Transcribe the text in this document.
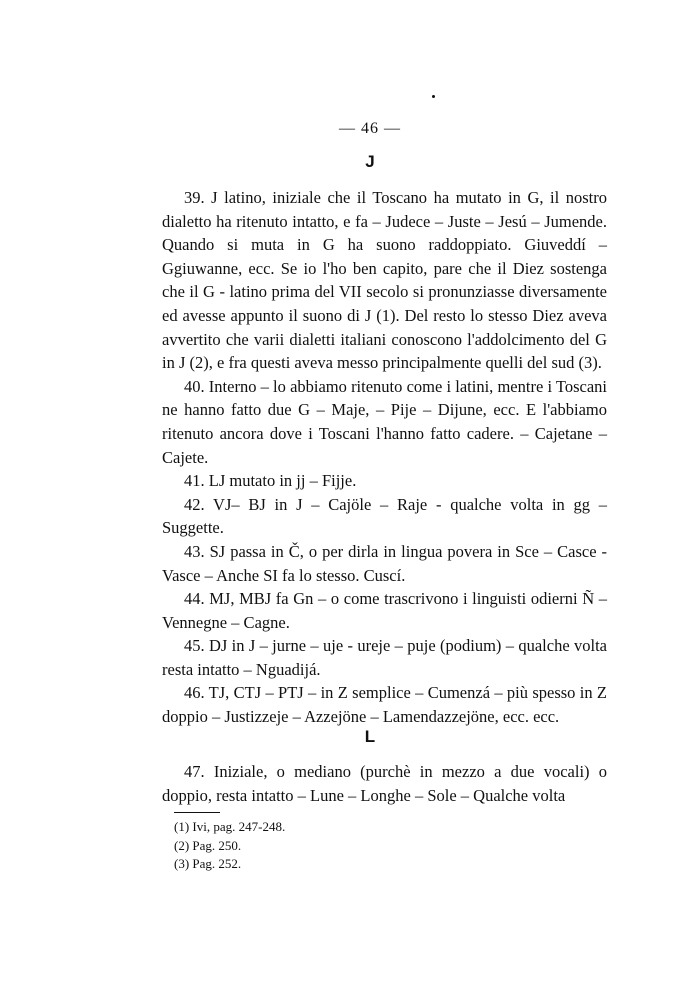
— 46 —
J

39. J latino, iniziale che il Toscano ha mutato in G, il nostro dialetto ha ritenuto intatto, e fa – Judece – Juste – Jesú – Jumende. Quando si muta in G ha suono raddoppiato. Giuveddí – Ggiuwanne, ecc. Se io l'ho ben capito, pare che il Diez sostenga che il G - latino prima del VII secolo si pronunziasse diversamente ed avesse appunto il suono di J (1). Del resto lo stesso Diez aveva avvertito che varii dialetti italiani conoscono l'addolcimento del G in J (2), e fra questi aveva messo principalmente quelli del sud (3).

40. Interno – lo abbiamo ritenuto come i latini, mentre i Toscani ne hanno fatto due G – Maje, – Pije – Dijune, ecc. E l'abbiamo ritenuto ancora dove i Toscani l'hanno fatto cadere. – Cajetane – Cajete.

41. LJ mutato in jj – Fijje.

42. VJ– BJ in J – Cajöle – Raje - qualche volta in gg – Suggette.

43. SJ passa in Č, o per dirla in lingua povera in Sce – Casce - Vasce – Anche SI fa lo stesso. Cuscí.

44. MJ, MBJ fa Gn – o come trascrivono i linguisti odierni Ñ – Vennegne – Cagne.

45. DJ in J – jurne – uje - ureje – puje (podium) – qualche volta resta intatto – Nguadijá.

46. TJ, CTJ – PTJ – in Z semplice – Cumenzá – più spesso in Z doppio – Justizzeje – Azzejöne – Lamendazzejöne, ecc. ecc.

L

47. Iniziale, o mediano (purchè in mezzo a due vocali) o doppio, resta intatto – Lune – Longhe – Sole – Qualche volta

(1) Ivi, pag. 247-248.
(2) Pag. 250.
(3) Pag. 252.
